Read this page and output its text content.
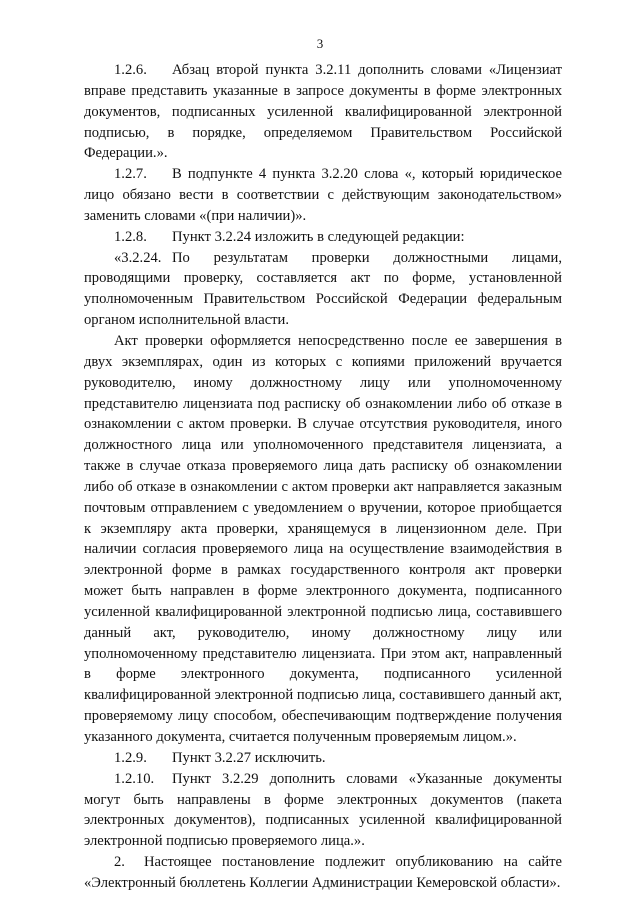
3

1.2.6. Абзац второй пункта 3.2.11 дополнить словами «Лицензиат вправе представить указанные в запросе документы в форме электронных документов, подписанных усиленной квалифицированной электронной подписью, в порядке, определяемом Правительством Российской Федерации.».

1.2.7. В подпункте 4 пункта 3.2.20 слова «, который юридическое лицо обязано вести в соответствии с действующим законодательством» заменить словами «(при наличии)».

1.2.8. Пункт 3.2.24 изложить в следующей редакции:

«3.2.24. По результатам проверки должностными лицами, проводящими проверку, составляется акт по форме, установленной уполномоченным Правительством Российской Федерации федеральным органом исполнительной власти.

Акт проверки оформляется непосредственно после ее завершения в двух экземплярах, один из которых с копиями приложений вручается руководителю, иному должностному лицу или уполномоченному представителю лицензиата под расписку об ознакомлении либо об отказе в ознакомлении с актом проверки. В случае отсутствия руководителя, иного должностного лица или уполномоченного представителя лицензиата, а также в случае отказа проверяемого лица дать расписку об ознакомлении либо об отказе в ознакомлении с актом проверки акт направляется заказным почтовым отправлением с уведомлением о вручении, которое приобщается к экземпляру акта проверки, хранящемуся в лицензионном деле. При наличии согласия проверяемого лица на осуществление взаимодействия в электронной форме в рамках государственного контроля акт проверки может быть направлен в форме электронного документа, подписанного усиленной квалифицированной электронной подписью лица, составившего данный акт, руководителю, иному должностному лицу или уполномоченному представителю лицензиата. При этом акт, направленный в форме электронного документа, подписанного усиленной квалифицированной электронной подписью лица, составившего данный акт, проверяемому лицу способом, обеспечивающим подтверждение получения указанного документа, считается полученным проверяемым лицом.».

1.2.9. Пункт 3.2.27 исключить.

1.2.10. Пункт 3.2.29 дополнить словами «Указанные документы могут быть направлены в форме электронных документов (пакета электронных документов), подписанных усиленной квалифицированной электронной подписью проверяемого лица.».

2. Настоящее постановление подлежит опубликованию на сайте «Электронный бюллетень Коллегии Администрации Кемеровской области».
